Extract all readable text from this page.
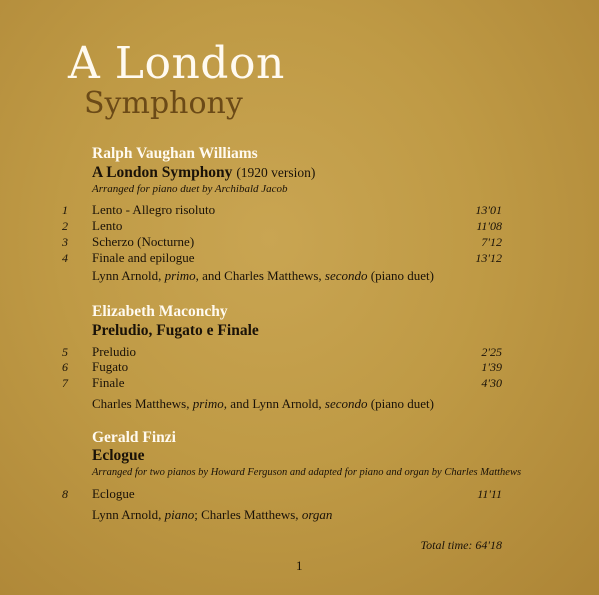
A London
Symphony
Ralph Vaughan Williams
A London Symphony (1920 version)
Arranged for piano duet by Archibald Jacob
1 Lento - Allegro risoluto	13'01
2 Lento	11'08
3 Scherzo (Nocturne)	7'12
4 Finale and epilogue	13'12
Lynn Arnold, primo, and Charles Matthews, secondo (piano duet)
Elizabeth Maconchy
Preludio, Fugato e Finale
5 Preludio	2'25
6 Fugato	1'39
7 Finale	4'30
Charles Matthews, primo, and Lynn Arnold, secondo (piano duet)
Gerald Finzi
Eclogue
Arranged for two pianos by Howard Ferguson and adapted for piano and organ by Charles Matthews
8 Eclogue	11'11
Lynn Arnold, piano; Charles Matthews, organ
Total time: 64'18
1
